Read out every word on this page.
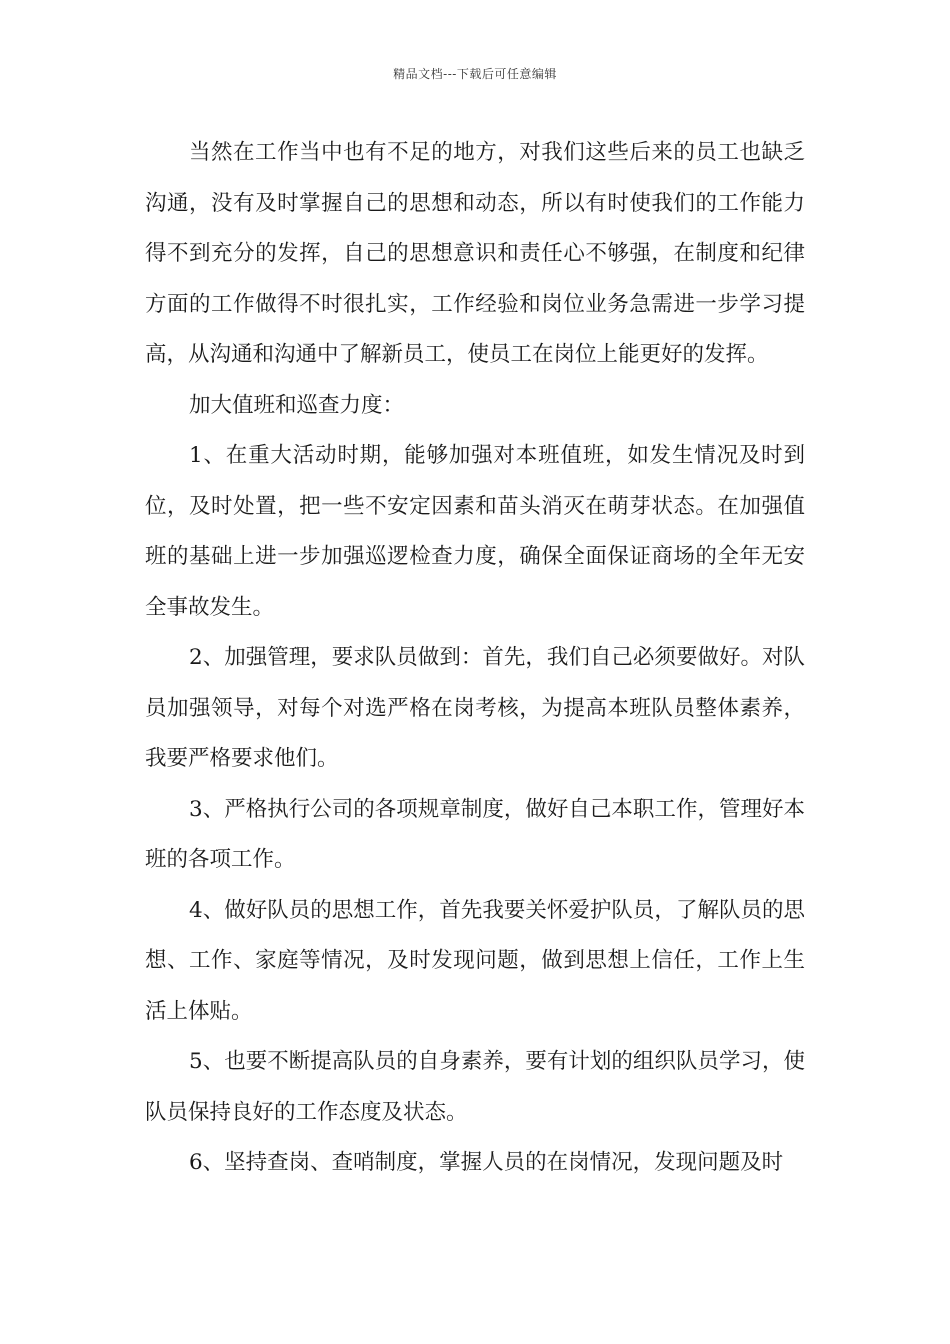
精品文档---下载后可任意编辑

当然在工作当中也有不足的地方，对我们这些后来的员工也缺乏沟通，没有及时掌握自己的思想和动态，所以有时使我们的工作能力得不到充分的发挥，自己的思想意识和责任心不够强，在制度和纪律方面的工作做得不时很扎实，工作经验和岗位业务急需进一步学习提高，从沟通和沟通中了解新员工，使员工在岗位上能更好的发挥。

加大值班和巡查力度：

1、在重大活动时期，能够加强对本班值班，如发生情况及时到位，及时处置，把一些不安定因素和苗头消灭在萌芽状态。在加强值班的基础上进一步加强巡逻检查力度，确保全面保证商场的全年无安全事故发生。

2、加强管理，要求队员做到：首先，我们自己必须要做好。对队员加强领导，对每个对选严格在岗考核，为提高本班队员整体素养，我要严格要求他们。

3、严格执行公司的各项规章制度，做好自己本职工作，管理好本班的各项工作。

4、做好队员的思想工作，首先我要关怀爱护队员，了解队员的思想、工作、家庭等情况，及时发现问题，做到思想上信任，工作上生活上体贴。

5、也要不断提高队员的自身素养，要有计划的组织队员学习，使队员保持良好的工作态度及状态。

6、坚持查岗、查哨制度，掌握人员的在岗情况，发现问题及时
